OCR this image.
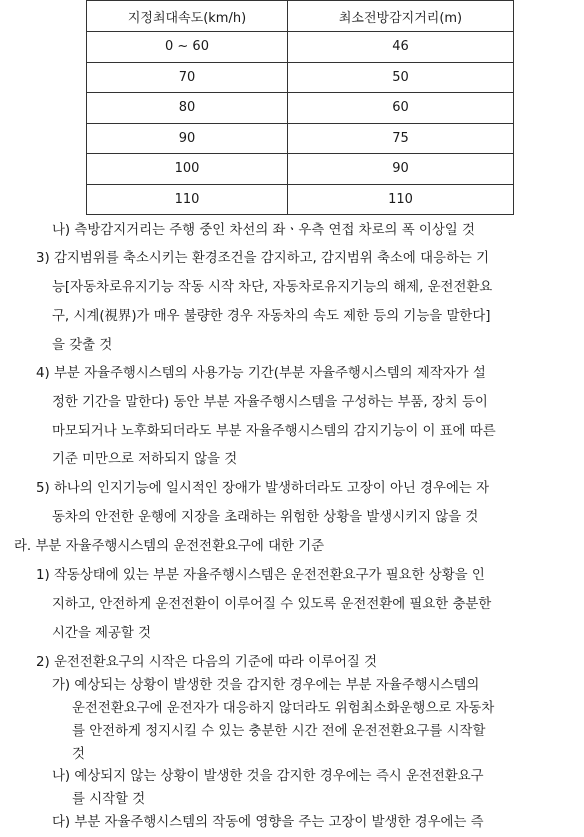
지정최대속도(km/h)	최소전방감지거리(m)
0 ~ 60	46
70	50
80	60
90	75
100	90
110	110
나) 측방감지거리는 주행 중인 차선의 좌ㆍ우측 연접 차로의 폭 이상일 것
3) 감지범위를 축소시키는 환경조건을 감지하고, 감지범위 축소에 대응하는 기
능[자동차로유지기능 작동 시작 차단, 자동차로유지기능의 해제, 운전전환요
구, 시계(視界)가 매우 불량한 경우 자동차의 속도 제한 등의 기능을 말한다]
을 갖출 것
4) 부분 자율주행시스템의 사용가능 기간(부분 자율주행시스템의 제작자가 설
정한 기간을 말한다) 동안 부분 자율주행시스템을 구성하는 부품, 장치 등이
마모되거나 노후화되더라도 부분 자율주행시스템의 감지기능이 이 표에 따른
기준 미만으로 저하되지 않을 것
5) 하나의 인지기능에 일시적인 장애가 발생하더라도 고장이 아닌 경우에는 자
동차의 안전한 운행에 지장을 초래하는 위험한 상황을 발생시키지 않을 것
라. 부분 자율주행시스템의 운전전환요구에 대한 기준
1) 작동상태에 있는 부분 자율주행시스템은 운전전환요구가 필요한 상황을 인
지하고, 안전하게 운전전환이 이루어질 수 있도록 운전전환에 필요한 충분한
시간을 제공할 것
2) 운전전환요구의 시작은 다음의 기준에 따라 이루어질 것
가) 예상되는 상황이 발생한 것을 감지한 경우에는 부분 자율주행시스템의
운전전환요구에 운전자가 대응하지 않더라도 위험최소화운행으로 자동차
를 안전하게 정지시킬 수 있는 충분한 시간 전에 운전전환요구를 시작할
것
나) 예상되지 않는 상황이 발생한 것을 감지한 경우에는 즉시 운전전환요구
를 시작할 것
다) 부분 자율주행시스템의 작동에 영향을 주는 고장이 발생한 경우에는 즉
